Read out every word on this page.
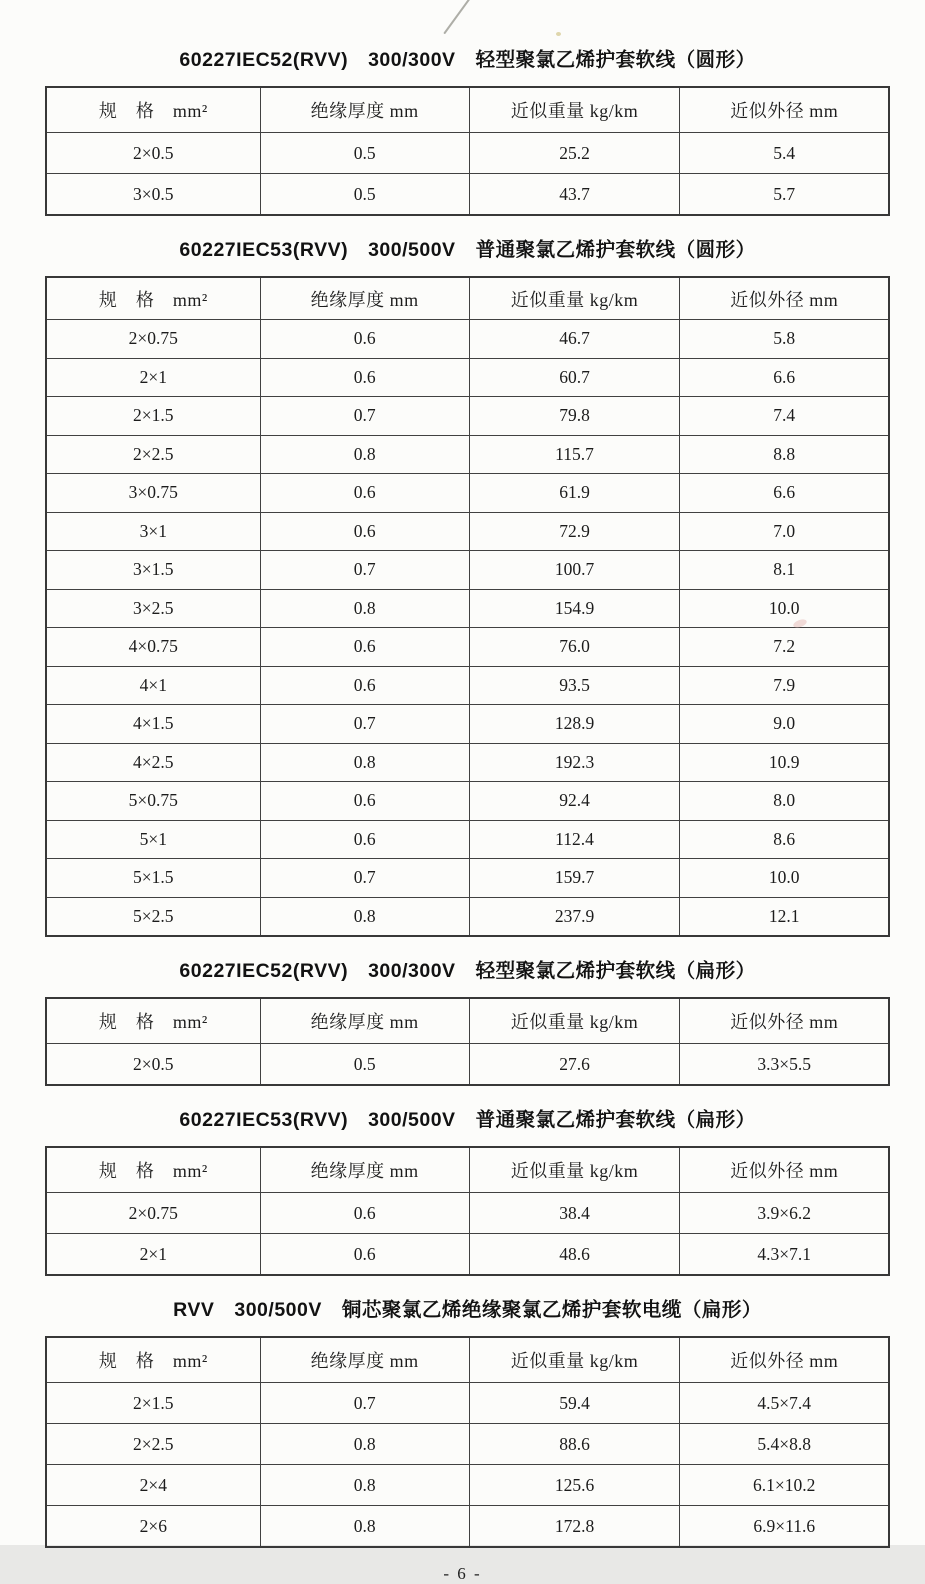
60227IEC52(RVV)　300/300V　轻型聚氯乙烯护套软线（圆形）
规　格　mm²	绝缘厚度 mm	近似重量 kg/km	近似外径 mm
2×0.5	0.5	25.2	5.4
3×0.5	0.5	43.7	5.7
60227IEC53(RVV)　300/500V　普通聚氯乙烯护套软线（圆形）
规　格　mm²	绝缘厚度 mm	近似重量 kg/km	近似外径 mm
2×0.75	0.6	46.7	5.8
2×1	0.6	60.7	6.6
2×1.5	0.7	79.8	7.4
2×2.5	0.8	115.7	8.8
3×0.75	0.6	61.9	6.6
3×1	0.6	72.9	7.0
3×1.5	0.7	100.7	8.1
3×2.5	0.8	154.9	10.0
4×0.75	0.6	76.0	7.2
4×1	0.6	93.5	7.9
4×1.5	0.7	128.9	9.0
4×2.5	0.8	192.3	10.9
5×0.75	0.6	92.4	8.0
5×1	0.6	112.4	8.6
5×1.5	0.7	159.7	10.0
5×2.5	0.8	237.9	12.1
60227IEC52(RVV)　300/300V　轻型聚氯乙烯护套软线（扁形）
规　格　mm²	绝缘厚度 mm	近似重量 kg/km	近似外径 mm
2×0.5	0.5	27.6	3.3×5.5
60227IEC53(RVV)　300/500V　普通聚氯乙烯护套软线（扁形）
规　格　mm²	绝缘厚度 mm	近似重量 kg/km	近似外径 mm
2×0.75	0.6	38.4	3.9×6.2
2×1	0.6	48.6	4.3×7.1
RVV　300/500V　铜芯聚氯乙烯绝缘聚氯乙烯护套软电缆（扁形）
规　格　mm²	绝缘厚度 mm	近似重量 kg/km	近似外径 mm
2×1.5	0.7	59.4	4.5×7.4
2×2.5	0.8	88.6	5.4×8.8
2×4	0.8	125.6	6.1×10.2
2×6	0.8	172.8	6.9×11.6
- 6 -
